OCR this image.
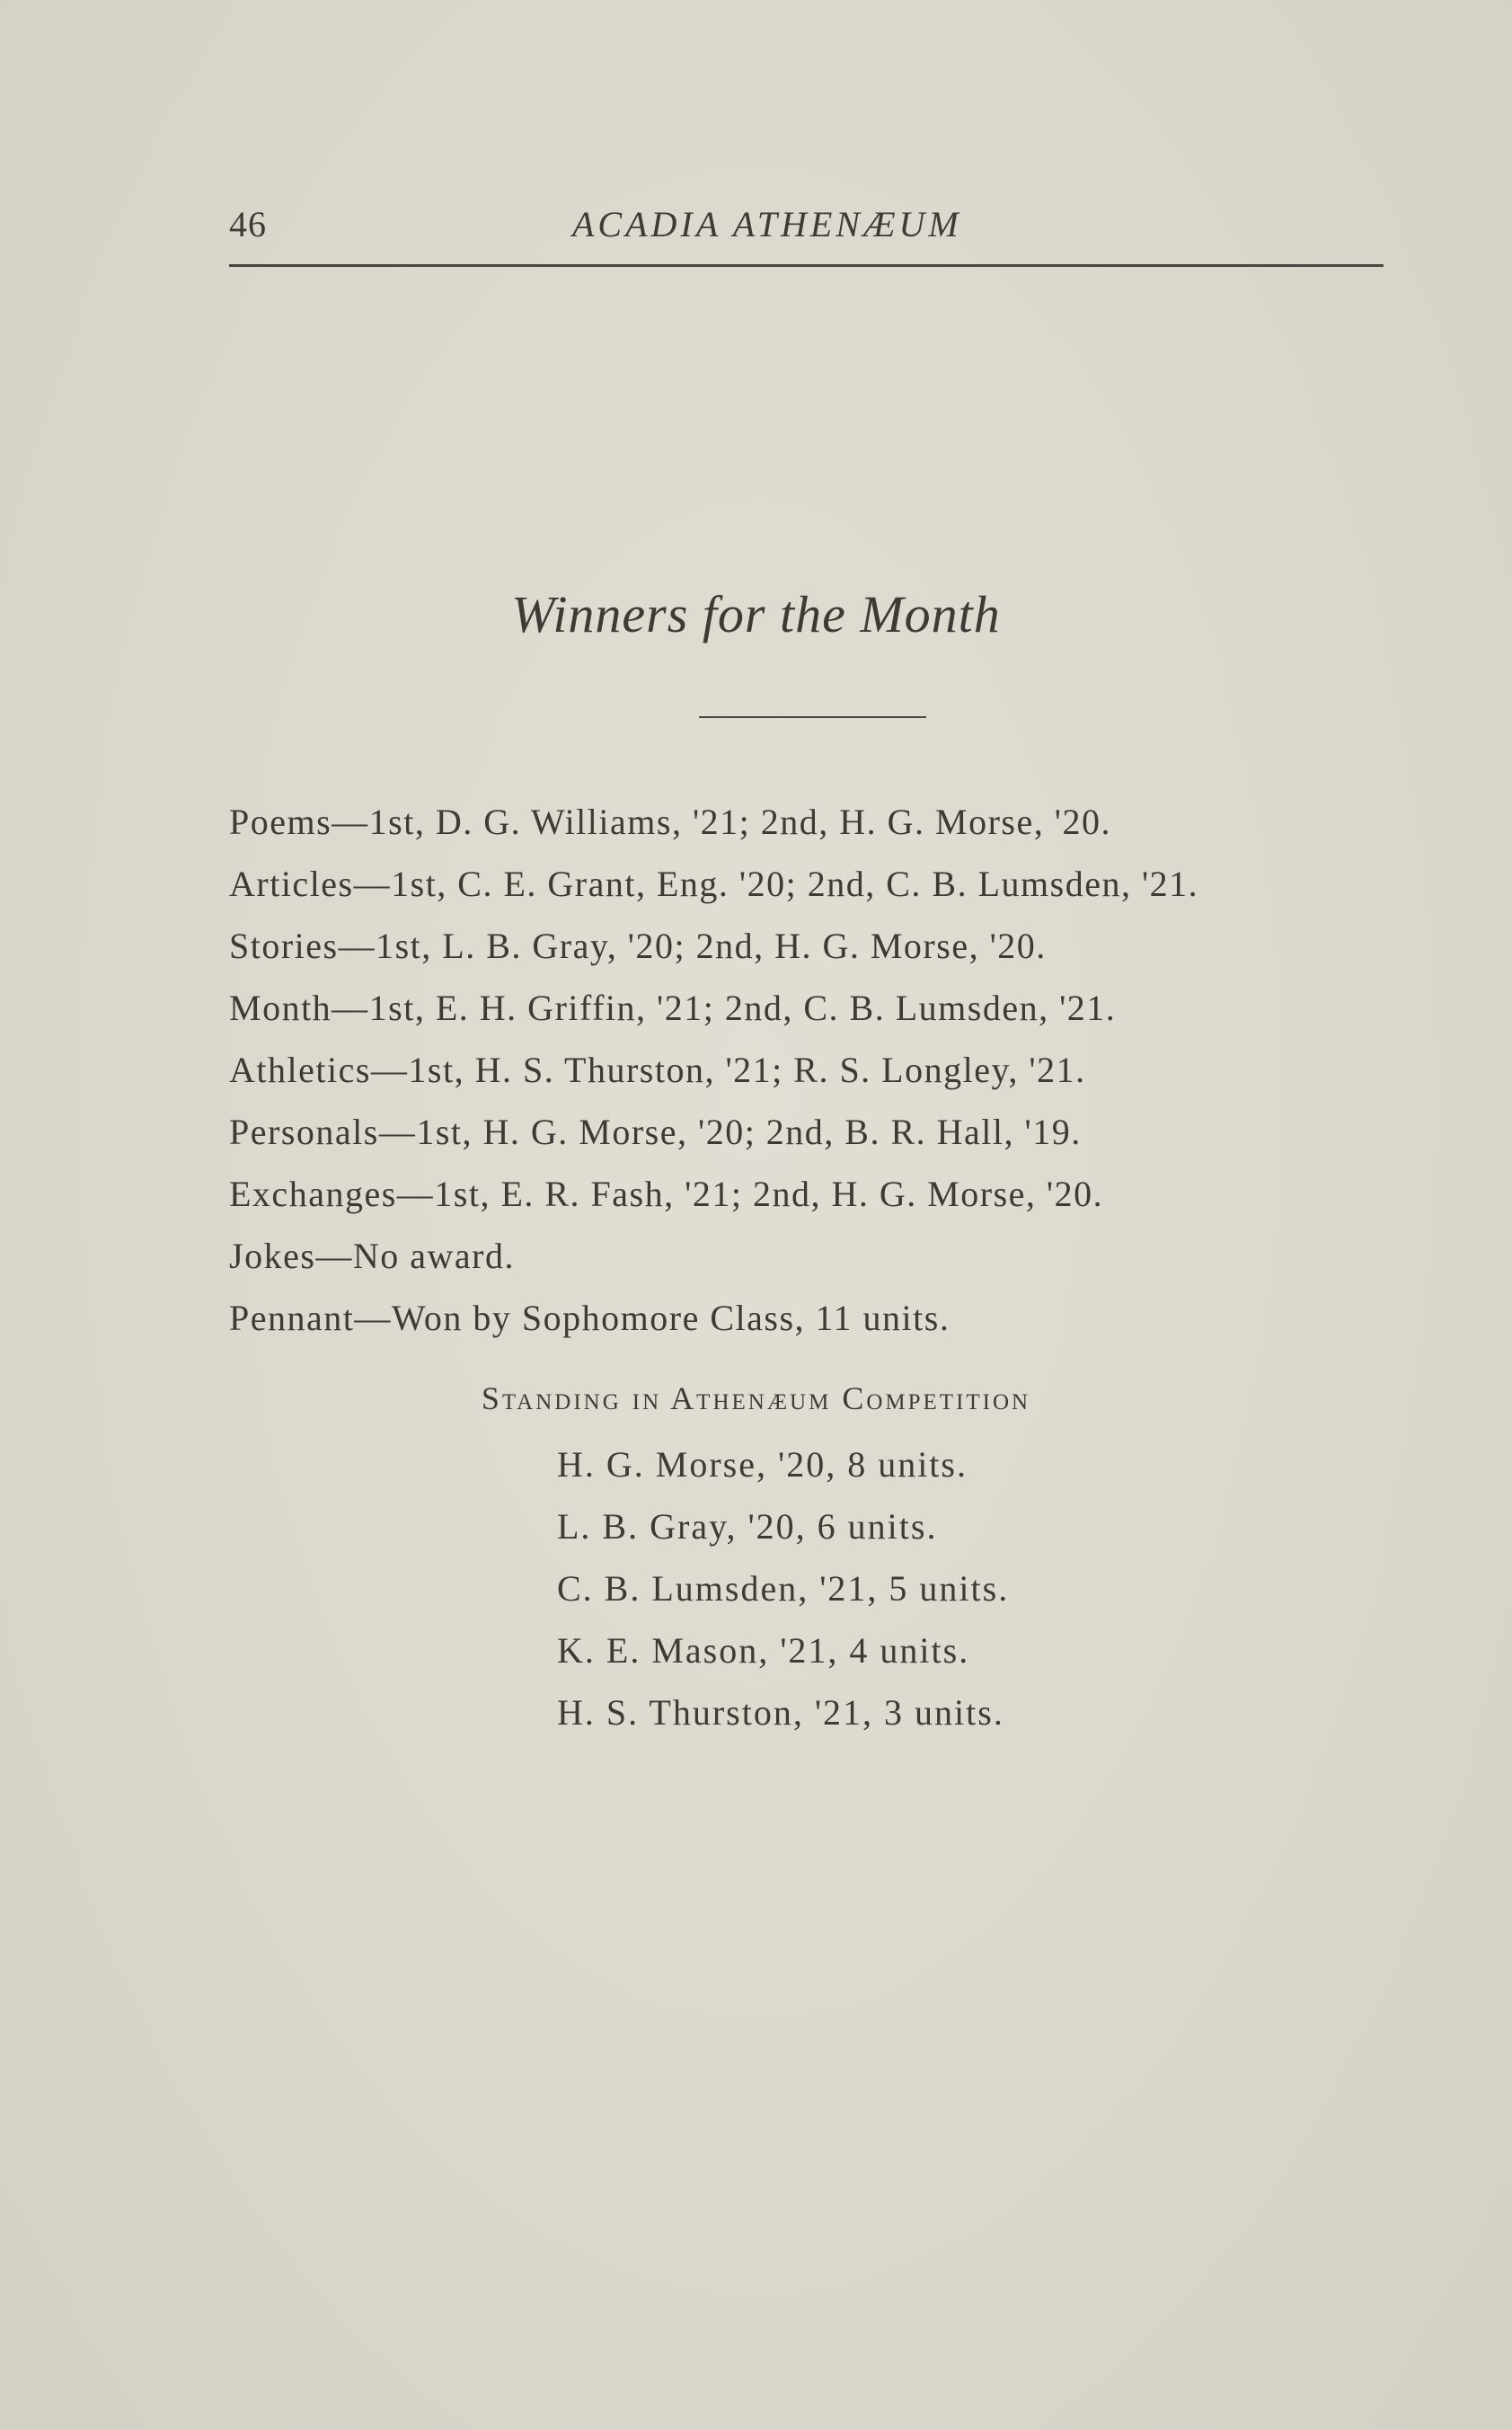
46	ACADIA ATHENÆUM
Winners for the Month
Poems—1st, D. G. Williams, '21; 2nd, H. G. Morse, '20.
Articles—1st, C. E. Grant, Eng. '20; 2nd, C. B. Lumsden, '21.
Stories—1st, L. B. Gray, '20; 2nd, H. G. Morse, '20.
Month—1st, E. H. Griffin, '21; 2nd, C. B. Lumsden, '21.
Athletics—1st, H. S. Thurston, '21; R. S. Longley, '21.
Personals—1st, H. G. Morse, '20; 2nd, B. R. Hall, '19.
Exchanges—1st, E. R. Fash, '21; 2nd, H. G. Morse, '20.
Jokes—No award.
Pennant—Won by Sophomore Class, 11 units.
Standing in Athenæum Competition
H. G. Morse, '20, 8 units.
L. B. Gray, '20, 6 units.
C. B. Lumsden, '21, 5 units.
K. E. Mason, '21, 4 units.
H. S. Thurston, '21, 3 units.
